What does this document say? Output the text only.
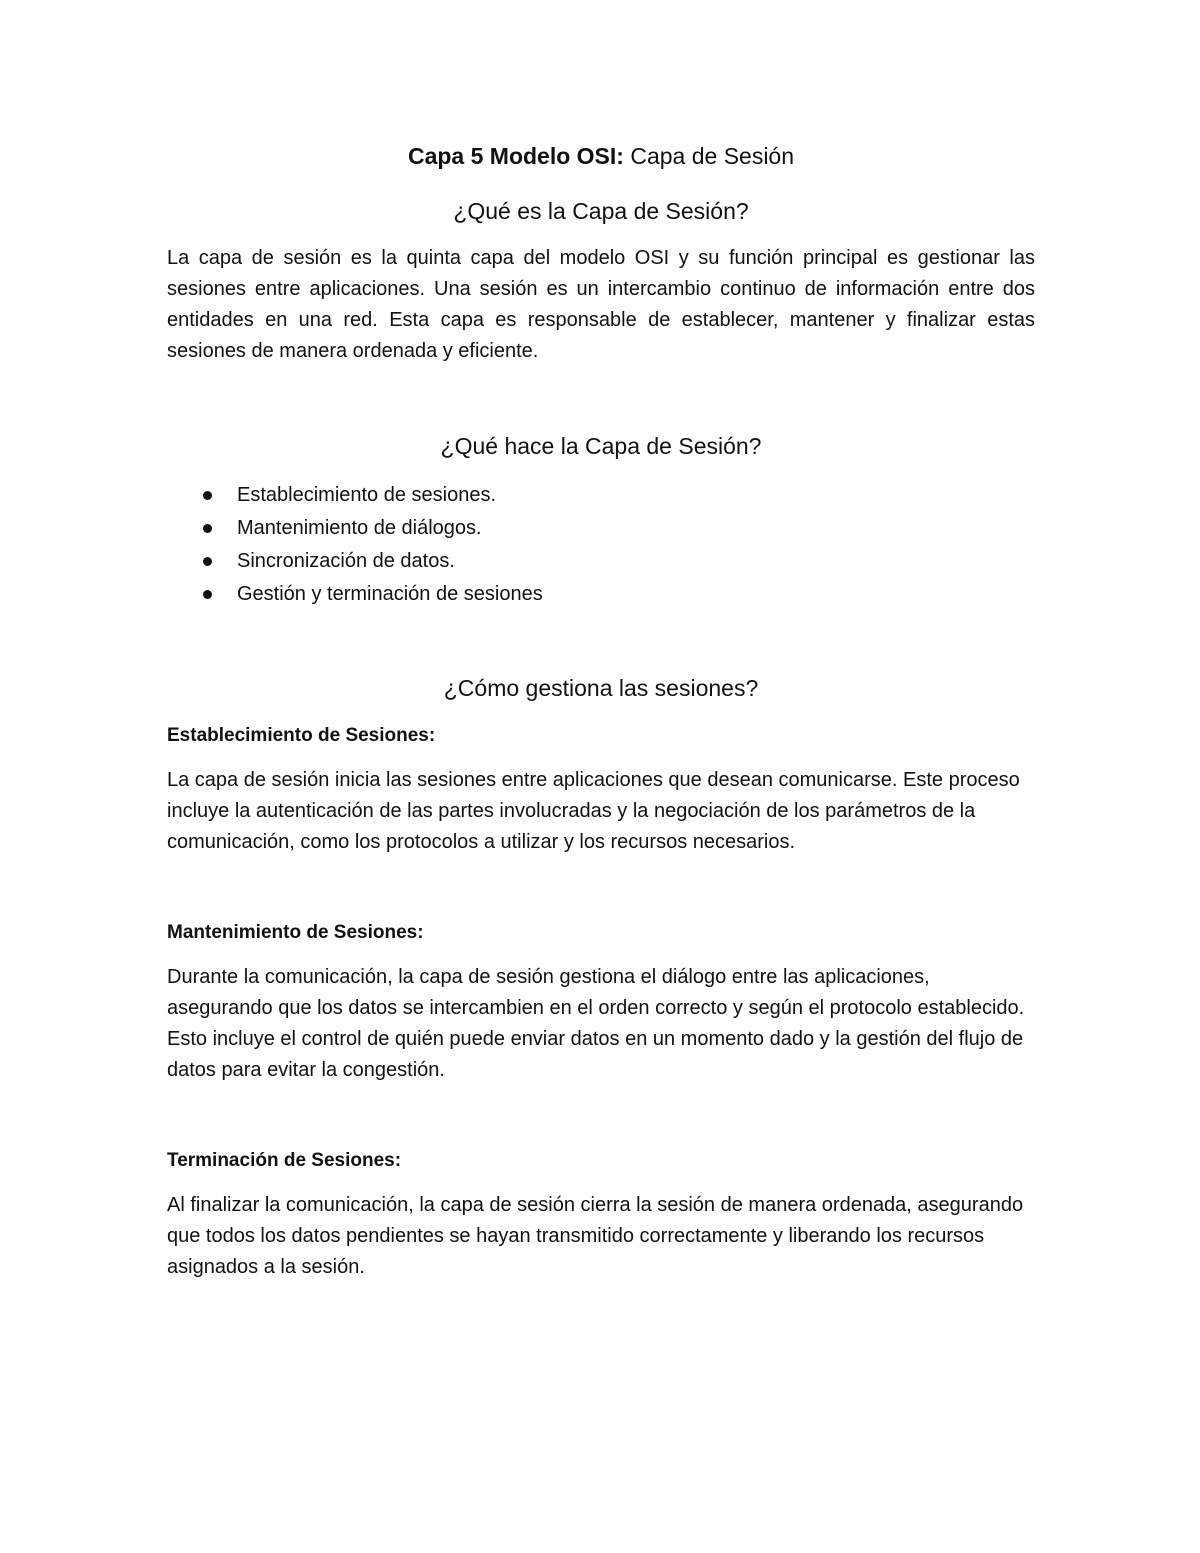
Capa 5 Modelo OSI: Capa de Sesión
¿Qué es la Capa de Sesión?

La capa de sesión es la quinta capa del modelo OSI y su función principal es gestionar las sesiones entre aplicaciones. Una sesión es un intercambio continuo de información entre dos entidades en una red. Esta capa es responsable de establecer, mantener y finalizar estas sesiones de manera ordenada y eficiente.

¿Qué hace la Capa de Sesión?
Establecimiento de sesiones.
Mantenimiento de diálogos.
Sincronización de datos.
Gestión y terminación de sesiones
¿Cómo gestiona las sesiones?
Establecimiento de Sesiones:

La capa de sesión inicia las sesiones entre aplicaciones que desean comunicarse. Este proceso incluye la autenticación de las partes involucradas y la negociación de los parámetros de la comunicación, como los protocolos a utilizar y los recursos necesarios.

Mantenimiento de Sesiones:

Durante la comunicación, la capa de sesión gestiona el diálogo entre las aplicaciones, asegurando que los datos se intercambien en el orden correcto y según el protocolo establecido. Esto incluye el control de quién puede enviar datos en un momento dado y la gestión del flujo de datos para evitar la congestión.

Terminación de Sesiones:

Al finalizar la comunicación, la capa de sesión cierra la sesión de manera ordenada, asegurando que todos los datos pendientes se hayan transmitido correctamente y liberando los recursos asignados a la sesión.
